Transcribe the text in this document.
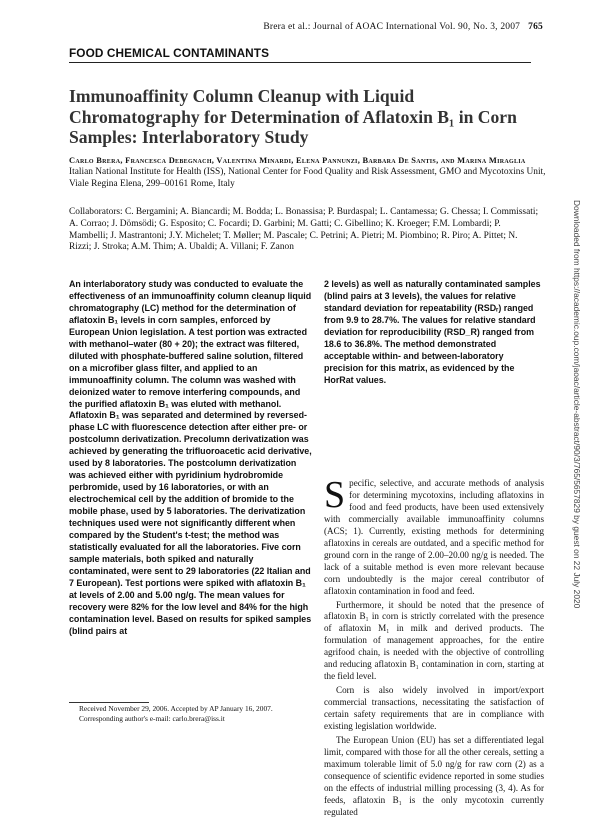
Brera et al.: Journal of AOAC International Vol. 90, No. 3, 2007 765
FOOD CHEMICAL CONTAMINANTS
Immunoaffinity Column Cleanup with Liquid Chromatography for Determination of Aflatoxin B₁ in Corn Samples: Interlaboratory Study
Carlo Brera, Francesca Debegnach, Valentina Minardi, Elena Pannunzi, Barbara De Santis, and Marina Miraglia
Italian National Institute for Health (ISS), National Center for Food Quality and Risk Assessment, GMO and Mycotoxins Unit, Viale Regina Elena, 299–00161 Rome, Italy
Collaborators: C. Bergamini; A. Biancardi; M. Bodda; L. Bonassisa; P. Burdaspal; L. Cantamessa; G. Chessa; I. Commissati; A. Corrao; J. Dömsödi; G. Esposito; C. Focardi; D. Garbini; M. Gatti; C. Gibellino; K. Kroeger; F.M. Lombardi; P. Mambelli; J. Mastrantoni; J.Y. Michelet; T. Møller; M. Pascale; C. Petrini; A. Pietri; M. Piombino; R. Piro; A. Pittet; N. Rizzi; J. Stroka; A.M. Thim; A. Ubaldi; A. Villani; F. Zanon
An interlaboratory study was conducted to evaluate the effectiveness of an immunoaffinity column cleanup liquid chromatography (LC) method for the determination of aflatoxin B₁ levels in corn samples, enforced by European Union legislation. A test portion was extracted with methanol–water (80 + 20); the extract was filtered, diluted with phosphate-buffered saline solution, filtered on a microfiber glass filter, and applied to an immunoaffinity column. The column was washed with deionized water to remove interfering compounds, and the purified aflatoxin B₁ was eluted with methanol. Aflatoxin B₁ was separated and determined by reversed-phase LC with fluorescence detection after either pre- or postcolumn derivatization. Precolumn derivatization was achieved by generating the trifluoroacetic acid derivative, used by 8 laboratories. The postcolumn derivatization was achieved either with pyridinium hydrobromide perbromide, used by 16 laboratories, or with an electrochemical cell by the addition of bromide to the mobile phase, used by 5 laboratories. The derivatization techniques used were not significantly different when compared by the Student's t-test; the method was statistically evaluated for all the laboratories. Five corn sample materials, both spiked and naturally contaminated, were sent to 29 laboratories (22 Italian and 7 European). Test portions were spiked with aflatoxin B₁ at levels of 2.00 and 5.00 ng/g. The mean values for recovery were 82% for the low level and 84% for the high contamination level. Based on results for spiked samples (blind pairs at
2 levels) as well as naturally contaminated samples (blind pairs at 3 levels), the values for relative standard deviation for repeatability (RSDᵣ) ranged from 9.9 to 28.7%. The values for relative standard deviation for reproducibility (RSD_R) ranged from 18.6 to 36.8%. The method demonstrated acceptable within- and between-laboratory precision for this matrix, as evidenced by the HorRat values.

Specific, selective, and accurate methods of analysis for determining mycotoxins, including aflatoxins in food and feed products, have been used extensively with commercially available immunoaffinity columns (ACS; 1). Currently, existing methods for determining aflatoxins in cereals are outdated, and a specific method for ground corn in the range of 2.00–20.00 ng/g is needed. The lack of a suitable method is even more relevant because corn undoubtedly is the major cereal contributor of aflatoxin contamination in food and feed.

Furthermore, it should be noted that the presence of aflatoxin B₁ in corn is strictly correlated with the presence of aflatoxin M₁ in milk and derived products. The formulation of management approaches, for the entire agrifood chain, is needed with the objective of controlling and reducing aflatoxin B₁ contamination in corn, starting at the field level.

Corn is also widely involved in import/export commercial transactions, necessitating the satisfaction of certain safety requirements that are in compliance with existing legislation worldwide.

The European Union (EU) has set a differentiated legal limit, compared with those for all the other cereals, setting a maximum tolerable limit of 5.0 ng/g for raw corn (2) as a consequence of scientific evidence reported in some studies on the effects of industrial milling processing (3, 4). As for feeds, aflatoxin B₁ is the only mycotoxin currently regulated

Received November 29, 2006. Accepted by AP January 16, 2007.
Corresponding author's e-mail: carlo.brera@iss.it
Downloaded from https://academic.oup.com/jaoac/article-abstract/90/3/765/5657829 by guest on 22 July 2020
